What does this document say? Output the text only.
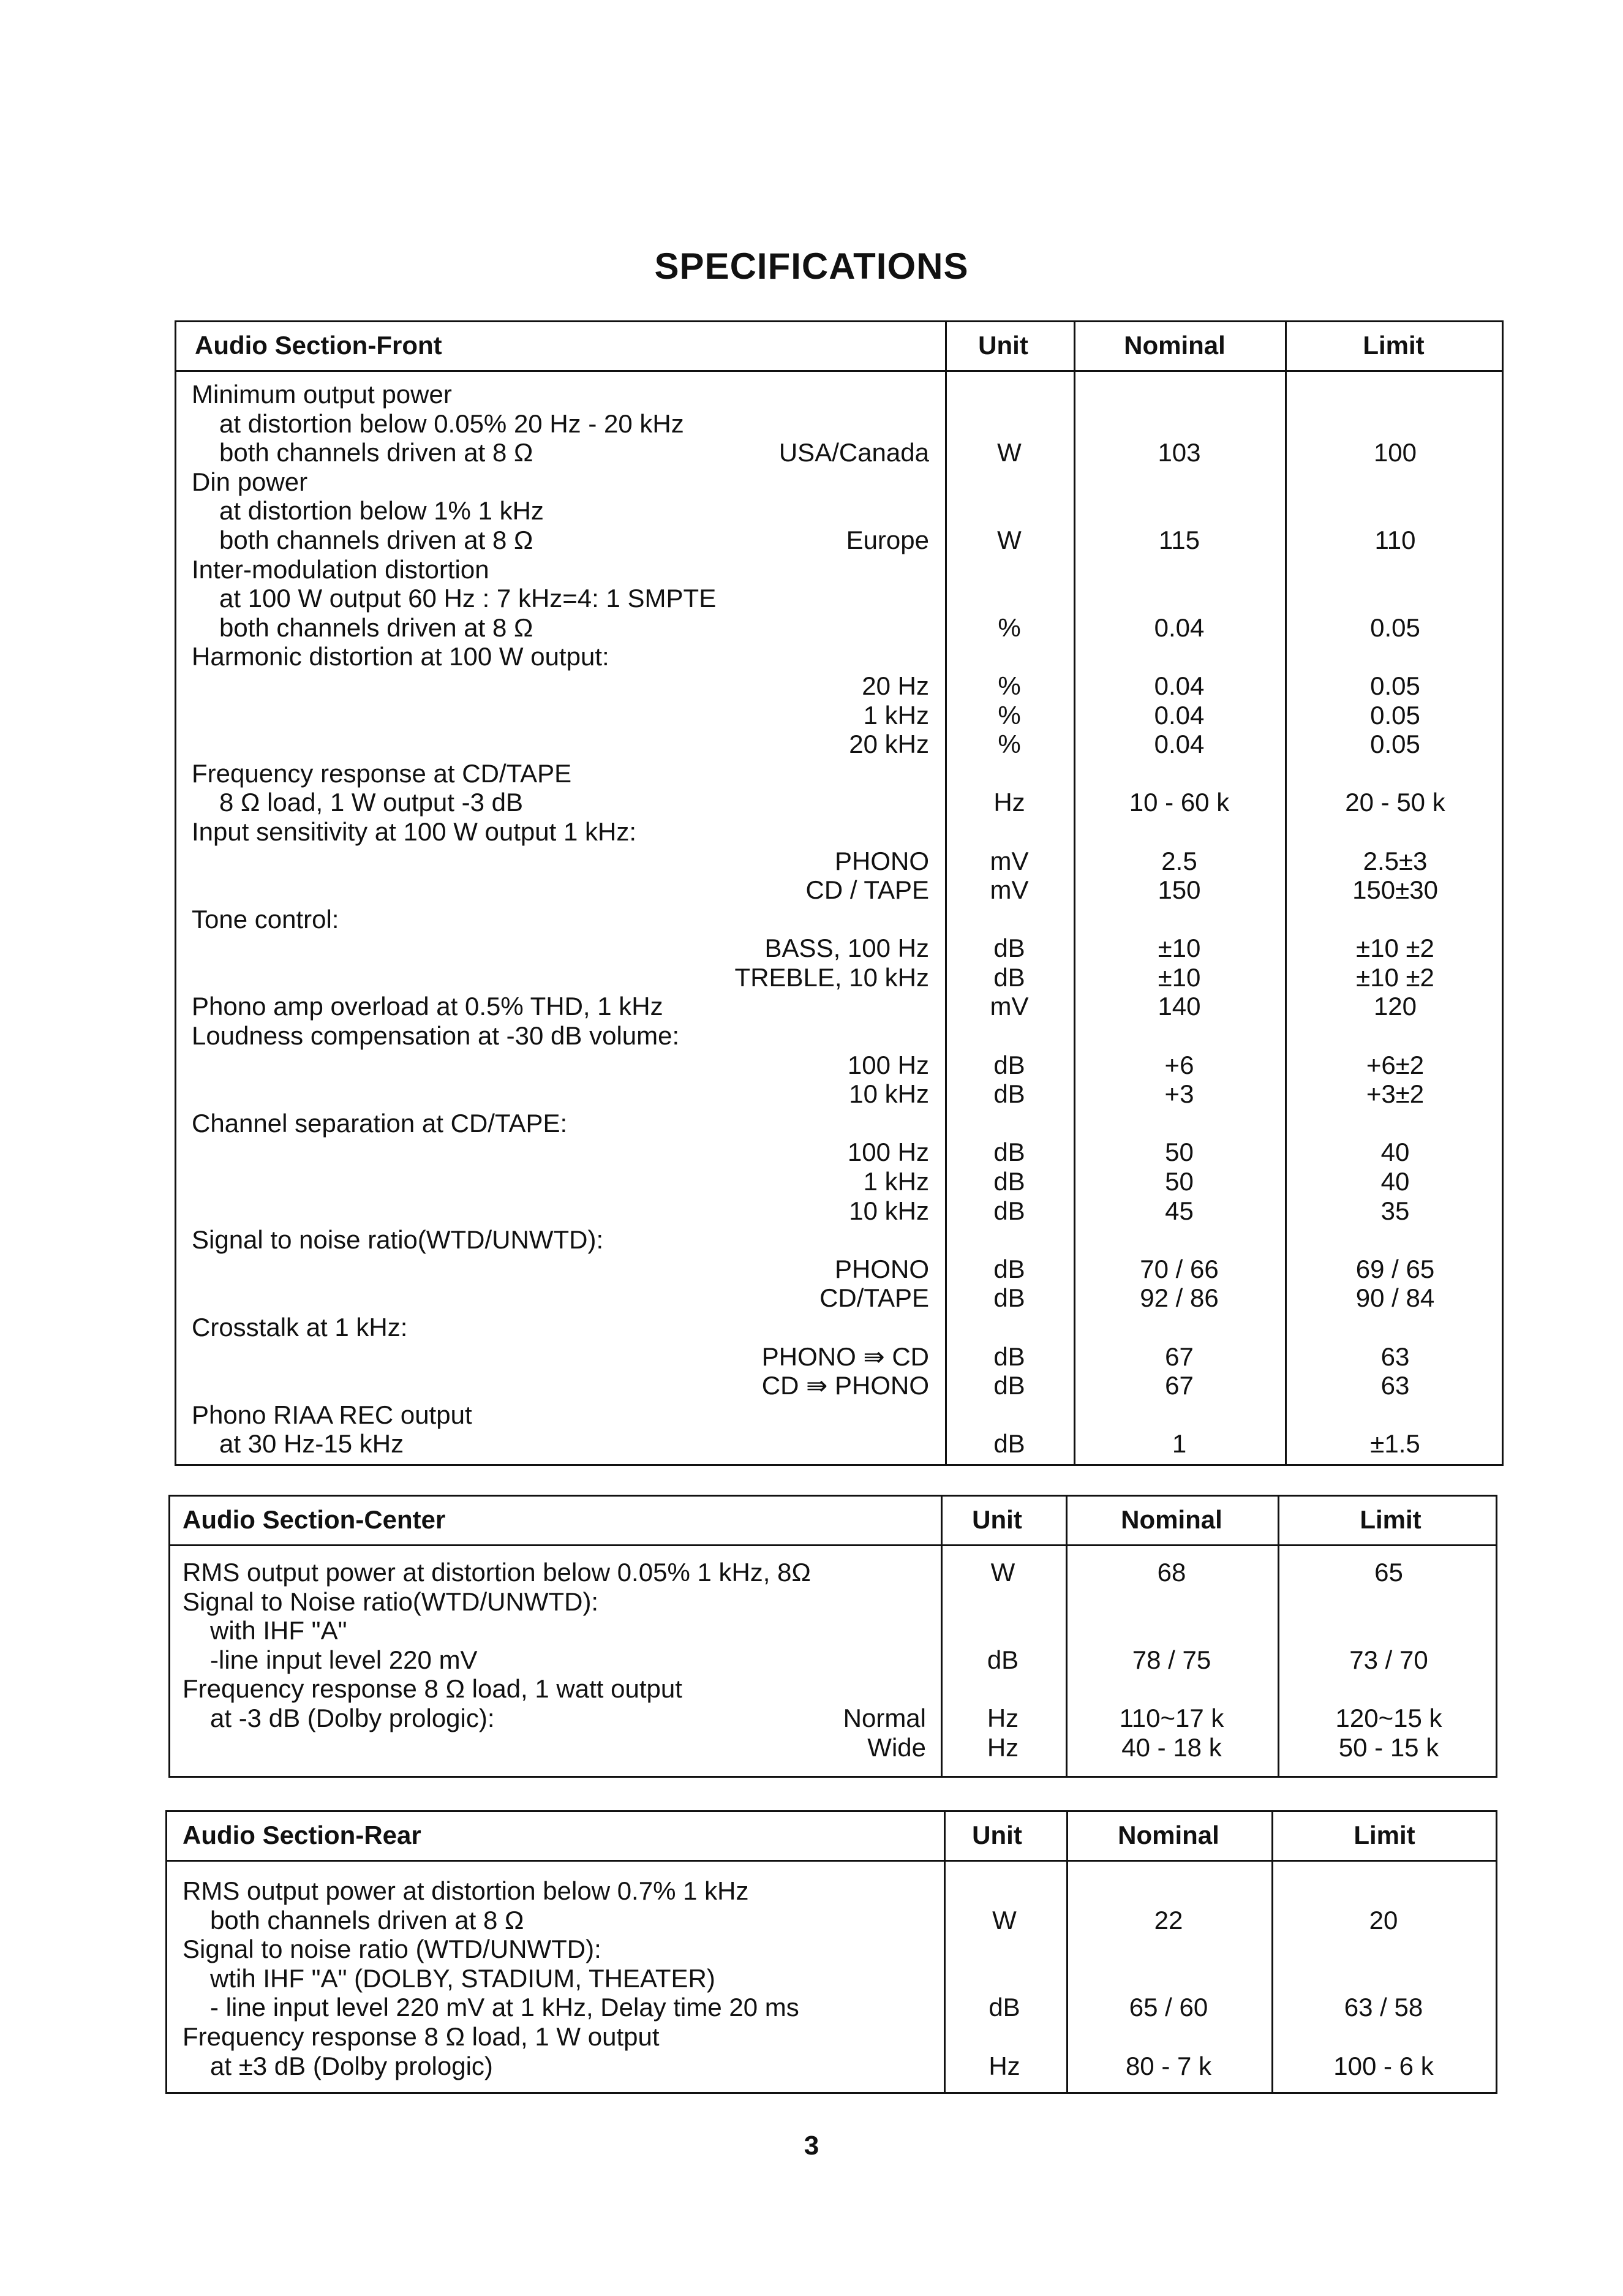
SPECIFICATIONS
Audio Section-Front	Unit	Nominal	Limit
Minimum output power
at distortion below 0.05% 20 Hz - 20 kHz
both channels driven at 8 Ω	USA/Canada	W	103	100
Din power
at distortion below 1% 1 kHz
both channels driven at 8 Ω	Europe	W	115	110
Inter-modulation distortion
at 100 W output 60 Hz : 7 kHz=4: 1 SMPTE
both channels driven at 8 Ω	%	0.04	0.05
Harmonic distortion at 100 W output:
20 Hz	%	0.04	0.05
1 kHz	%	0.04	0.05
20 kHz	%	0.04	0.05
Frequency response at CD/TAPE
8 Ω load, 1 W output -3 dB	Hz	10 - 60 k	20 - 50 k
Input sensitivity at 100 W output 1 kHz:
PHONO	mV	2.5	2.5±3
CD / TAPE	mV	150	150±30
Tone control:
BASS, 100 Hz	dB	±10	±10 ±2
TREBLE, 10 kHz	dB	±10	±10 ±2
Phono amp overload at 0.5% THD, 1 kHz	mV	140	120
Loudness compensation at -30 dB volume:
100 Hz	dB	+6	+6±2
10 kHz	dB	+3	+3±2
Channel separation at CD/TAPE:
100 Hz	dB	50	40
1 kHz	dB	50	40
10 kHz	dB	45	35
Signal to noise ratio(WTD/UNWTD):
PHONO	dB	70 / 66	69 / 65
CD/TAPE	dB	92 / 86	90 / 84
Crosstalk at 1 kHz:
PHONO ⇛ CD	dB	67	63
CD ⇛ PHONO	dB	67	63
Phono RIAA REC output
at 30 Hz-15 kHz	dB	1	±1.5
Audio Section-Center	Unit	Nominal	Limit
RMS output power at distortion below 0.05% 1 kHz, 8Ω	W	68	65
Signal to Noise ratio(WTD/UNWTD):
with IHF "A"
-line input level 220 mV	dB	78 / 75	73 / 70
Frequency response 8 Ω load, 1 watt output
at -3 dB (Dolby prologic):	Normal	Hz	110~17 k	120~15 k
Wide	Hz	40 - 18 k	50 - 15 k
Audio Section-Rear	Unit	Nominal	Limit
RMS output power at distortion below 0.7% 1 kHz
both channels driven at 8 Ω	W	22	20
Signal to noise ratio (WTD/UNWTD):
wtih IHF "A" (DOLBY, STADIUM, THEATER)
- line input level 220 mV at 1 kHz, Delay time 20 ms	dB	65 / 60	63 / 58
Frequency response 8 Ω load, 1 W output
at ±3 dB (Dolby prologic)	Hz	80 - 7 k	100 - 6 k
3
